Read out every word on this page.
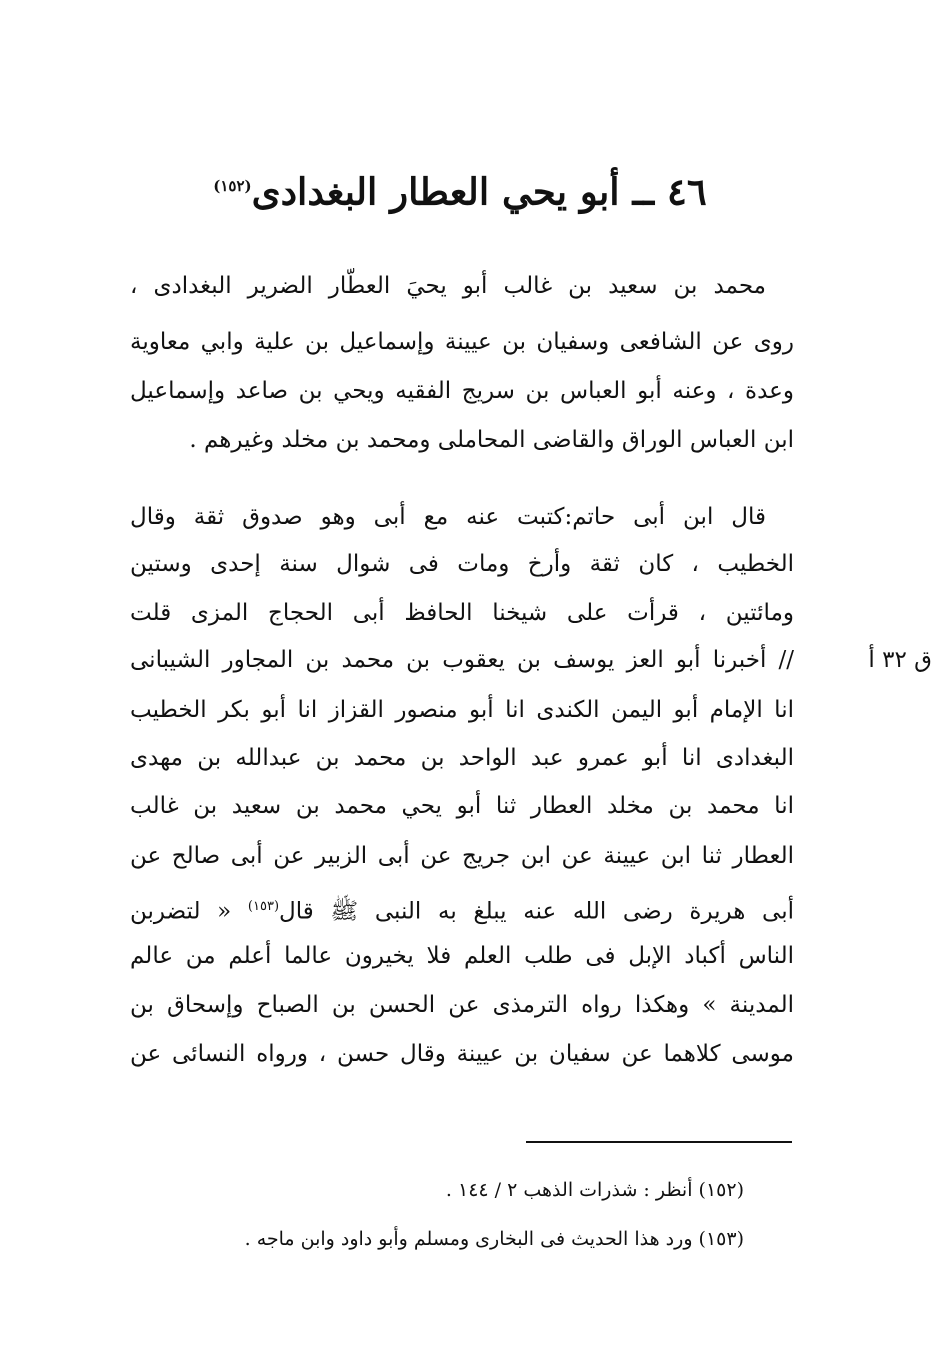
٤٦ ــ أبو يحي العطار البغدادى$^{(١٥٢)}$
محمد بن سعيد بن غالب أبو يحيَ العطّار الضرير البغدادى ،
روى عن الشافعى وسفيان بن عيينة وإسماعيل بن علية وابي معاوية
وعدة ، وعنه أبو العباس بن سريج الفقيه ويحي بن صاعد وإسماعيل
ابن العباس الوراق والقاضى المحاملى ومحمد بن مخلد وغيرهم .
قال ابن أبى حاتم:كتبت عنه مع أبى وهو صدوق ثقة وقال
الخطيب ، كان ثقة وأرخ ومات فى شوال سنة إحدى وستين
ومائتين ، قرأت على شيخنا الحافظ أبى الحجاج المزى قلت
// أخبرنا أبو العز يوسف بن يعقوب بن محمد بن المجاور الشيبانى
انا الإمام أبو اليمن الكندى انا أبو منصور القزاز انا أبو بكر الخطيب
البغدادى انا أبو عمرو عبد الواحد بن محمد بن عبدالله بن مهدى
انا محمد بن مخلد العطار ثنا أبو يحي محمد بن سعيد بن غالب
العطار ثنا ابن عيينة عن ابن جريج عن أبى الزبير عن أبى صالح عن
أبى هريرة رضى الله عنه يبلغ به النبى ﷺ قال$^{(١٥٣)}$ « لتضربن
الناس أكباد الإبل فى طلب العلم فلا يخيرون عالما أعلم من عالم
المدينة » وهكذا رواه الترمذى عن الحسن بن الصباح وإسحاق بن
موسى كلاهما عن سفيان بن عيينة وقال حسن ، ورواه النسائى عن
ق ٣٢ أ
(١٥٢) أنظر : شذرات الذهب ٢ / ١٤٤ .
(١٥٣) ورد هذا الحديث فى البخارى ومسلم وأبو داود وابن ماجه .
